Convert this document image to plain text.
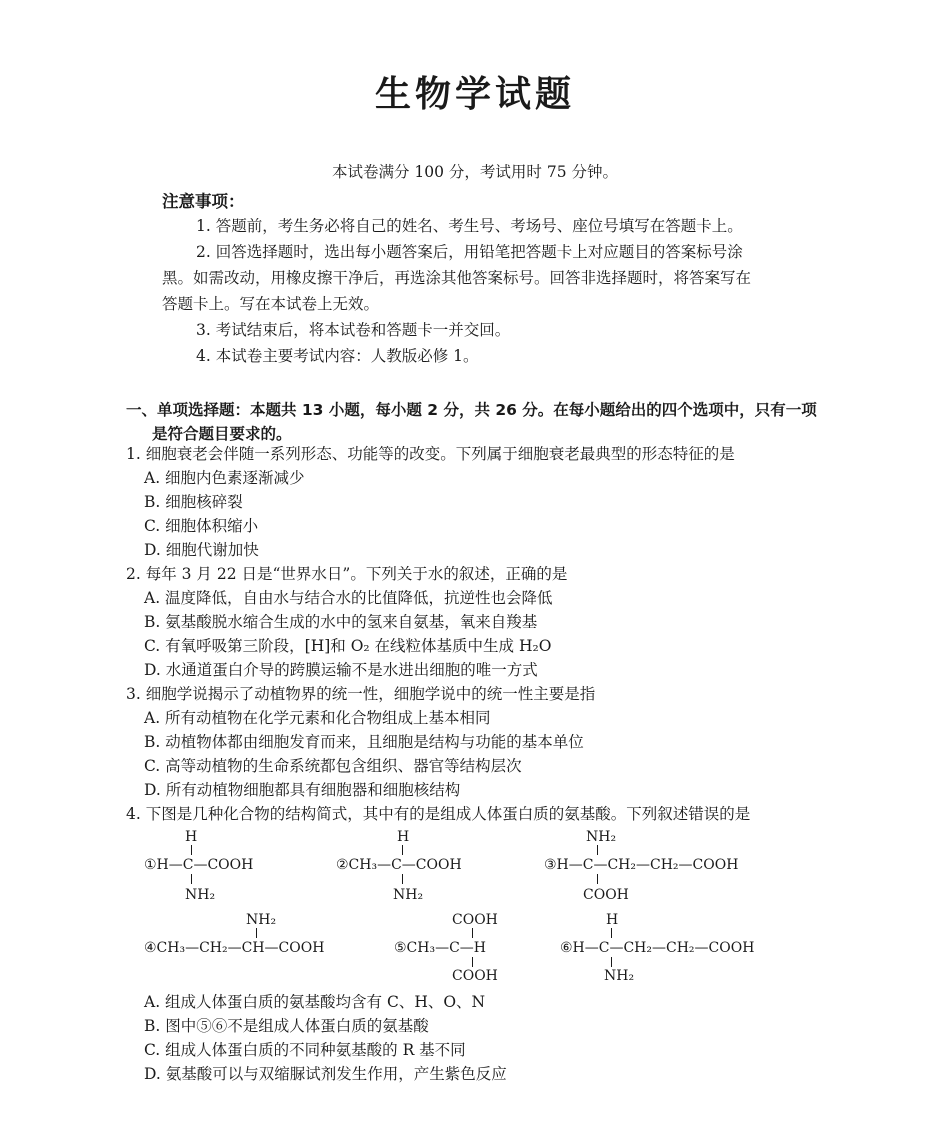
生物学试题
本试卷满分 100 分，考试用时 75 分钟。
注意事项：
1. 答题前，考生务必将自己的姓名、考生号、考场号、座位号填写在答题卡上。
2. 回答选择题时，选出每小题答案后，用铅笔把答题卡上对应题目的答案标号涂
黑。如需改动，用橡皮擦干净后，再选涂其他答案标号。回答非选择题时，将答案写在
答题卡上。写在本试卷上无效。
3. 考试结束后，将本试卷和答题卡一并交回。
4. 本试卷主要考试内容：人教版必修 1。
一、单项选择题：本题共 13 小题，每小题 2 分，共 26 分。在每小题给出的四个选项中，只有一项
是符合题目要求的。
1. 细胞衰老会伴随一系列形态、功能等的改变。下列属于细胞衰老最典型的形态特征的是
A. 细胞内色素逐渐减少
B. 细胞核碎裂
C. 细胞体积缩小
D. 细胞代谢加快
2. 每年 3 月 22 日是“世界水日”。下列关于水的叙述，正确的是
A. 温度降低，自由水与结合水的比值降低，抗逆性也会降低
B. 氨基酸脱水缩合生成的水中的氢来自氨基，氧来自羧基
C. 有氧呼吸第三阶段，[H]和 O₂ 在线粒体基质中生成 H₂O
D. 水通道蛋白介导的跨膜运输不是水进出细胞的唯一方式
3. 细胞学说揭示了动植物界的统一性，细胞学说中的统一性主要是指
A. 所有动植物在化学元素和化合物组成上基本相同
B. 动植物体都由细胞发育而来，且细胞是结构与功能的基本单位
C. 高等动植物的生命系统都包含组织、器官等结构层次
D. 所有动植物细胞都具有细胞器和细胞核结构
4. 下图是几种化合物的结构简式，其中有的是组成人体蛋白质的氨基酸。下列叙述错误的是
H
①H—C—COOH
NH₂
H
②CH₃—C—COOH
NH₂
NH₂
③H—C—CH₂—CH₂—COOH
COOH
NH₂
④CH₃—CH₂—CH—COOH
COOH
⑤CH₃—C—H
COOH
H
⑥H—C—CH₂—CH₂—COOH
NH₂
A. 组成人体蛋白质的氨基酸均含有 C、H、O、N
B. 图中⑤⑥不是组成人体蛋白质的氨基酸
C. 组成人体蛋白质的不同种氨基酸的 R 基不同
D. 氨基酸可以与双缩脲试剂发生作用，产生紫色反应
